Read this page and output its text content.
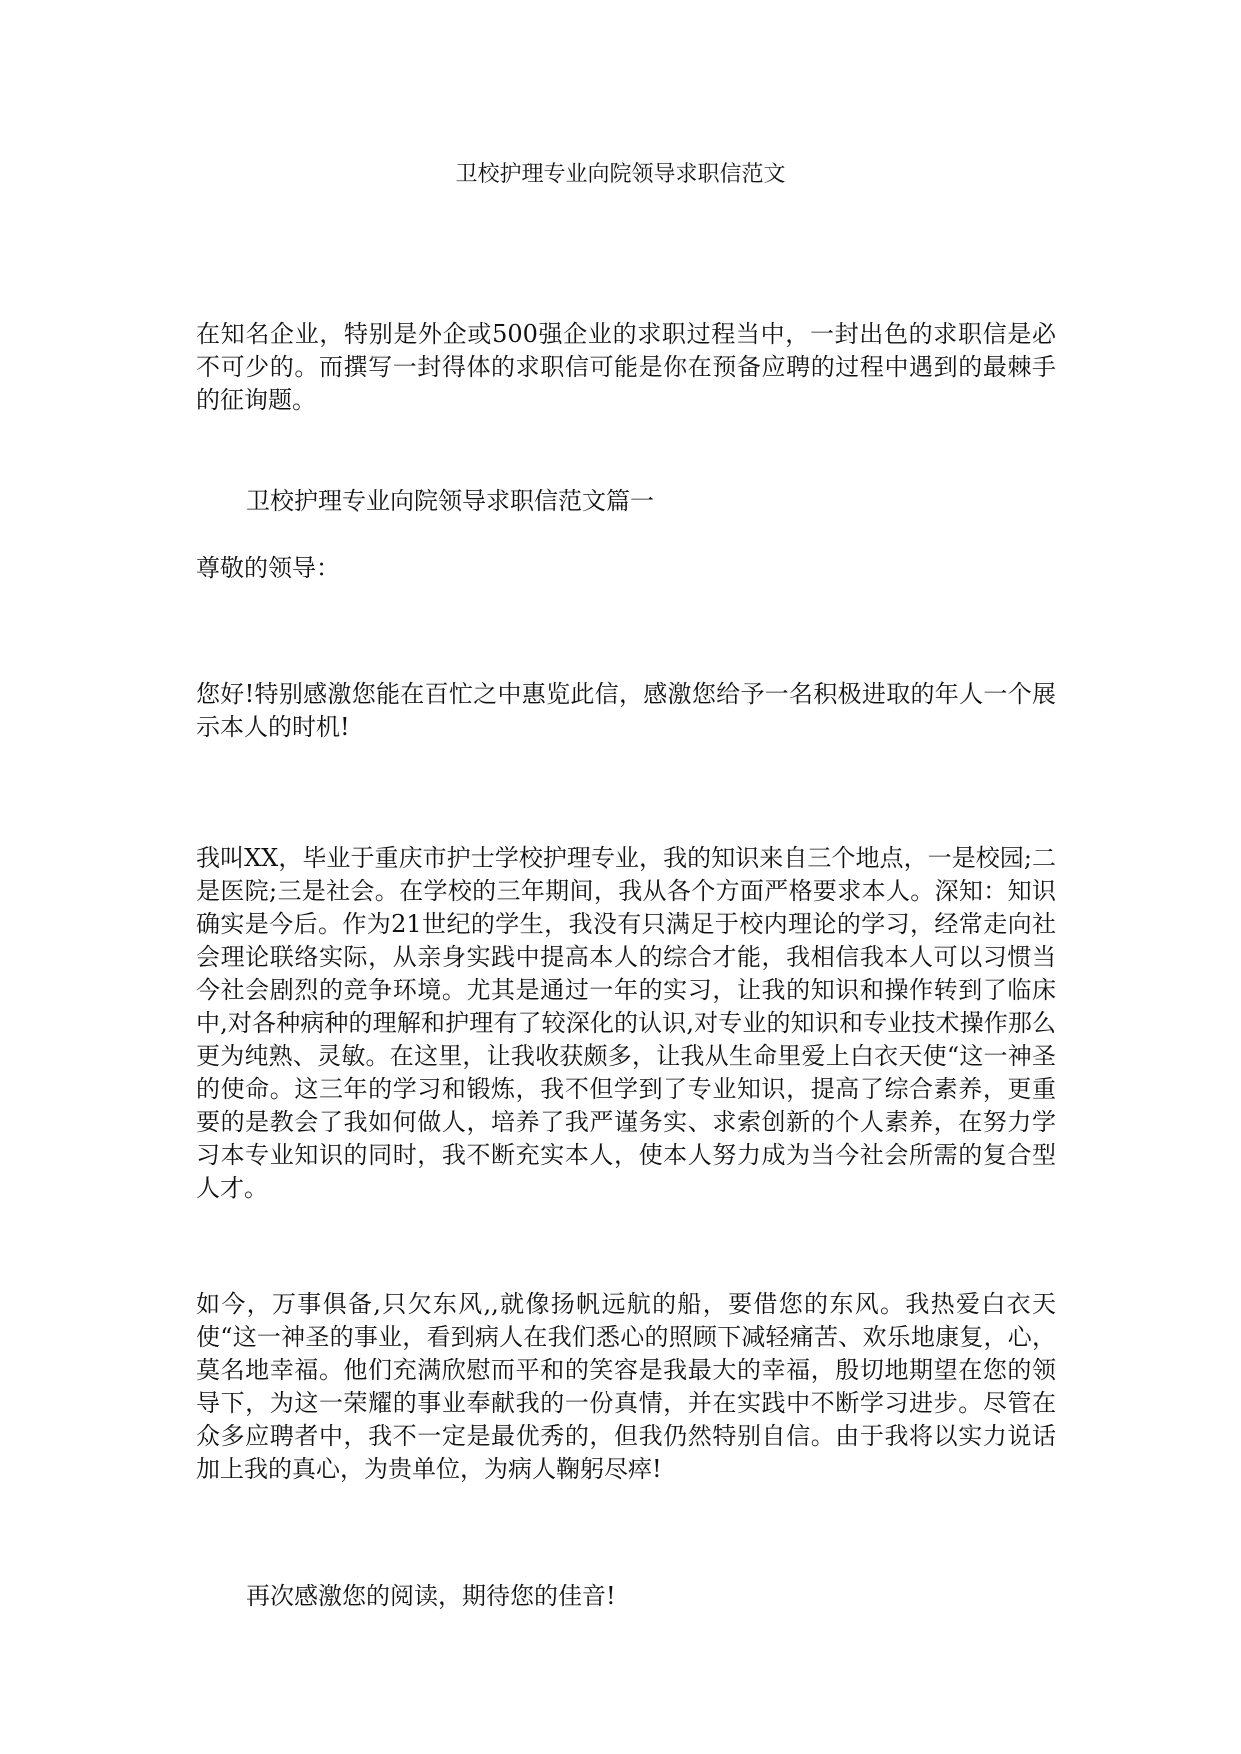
卫校护理专业向院领导求职信范文

在知名企业，特别是外企或500强企业的求职过程当中，一封出色的求职信是必不可少的。而撰写一封得体的求职信可能是你在预备应聘的过程中遇到的最棘手的征询题。

卫校护理专业向院领导求职信范文篇一

尊敬的领导：

您好!特别感激您能在百忙之中惠览此信，感激您给予一名积极进取的年人一个展示本人的时机!

我叫XX，毕业于重庆市护士学校护理专业，我的知识来自三个地点，一是校园;二是医院;三是社会。在学校的三年期间，我从各个方面严格要求本人。深知：知识确实是今后。作为21世纪的学生，我没有只满足于校内理论的学习，经常走向社会理论联络实际，从亲身实践中提高本人的综合才能，我相信我本人可以习惯当今社会剧烈的竞争环境。尤其是通过一年的实习，让我的知识和操作转到了临床中,对各种病种的理解和护理有了较深化的认识,对专业的知识和专业技术操作那么更为纯熟、灵敏。在这里，让我收获颇多，让我从生命里爱上白衣天使“这一神圣的使命。这三年的学习和锻炼，我不但学到了专业知识，提高了综合素养，更重要的是教会了我如何做人，培养了我严谨务实、求索创新的个人素养，在努力学习本专业知识的同时，我不断充实本人，使本人努力成为当今社会所需的复合型人才。

如今，万事俱备,只欠东风,,就像扬帆远航的船，要借您的东风。我热爱白衣天使“这一神圣的事业，看到病人在我们悉心的照顾下减轻痛苦、欢乐地康复，心，莫名地幸福。他们充满欣慰而平和的笑容是我最大的幸福，殷切地期望在您的领导下，为这一荣耀的事业奉献我的一份真情，并在实践中不断学习进步。尽管在众多应聘者中，我不一定是最优秀的，但我仍然特别自信。由于我将以实力说话加上我的真心，为贵单位，为病人鞠躬尽瘁!

再次感激您的阅读，期待您的佳音!
